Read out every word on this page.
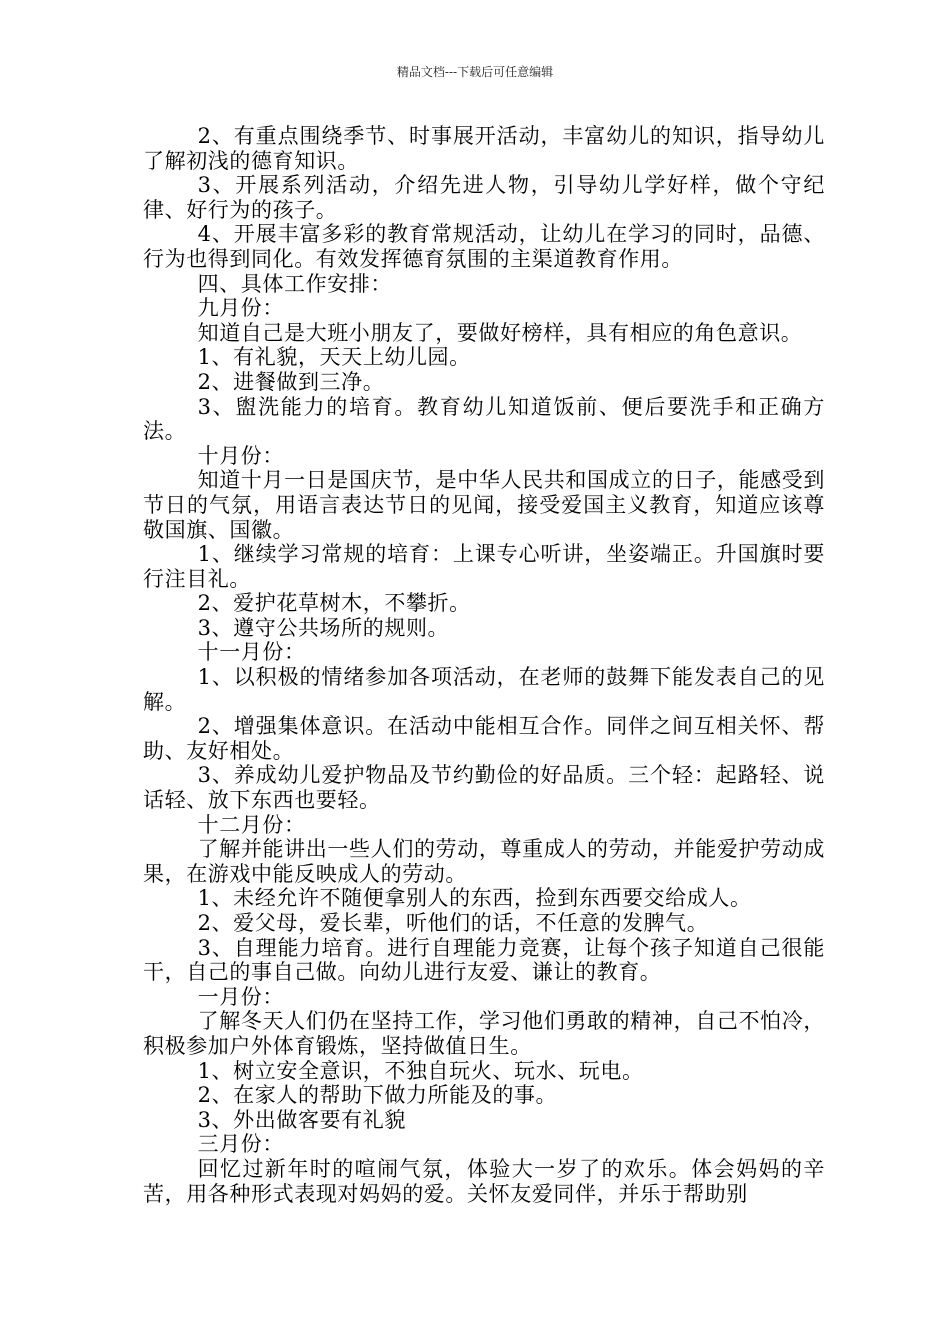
精品文档---下载后可任意编辑

2、有重点围绕季节、时事展开活动，丰富幼儿的知识，指导幼儿了解初浅的德育知识。

3、开展系列活动，介绍先进人物，引导幼儿学好样，做个守纪律、好行为的孩子。

4、开展丰富多彩的教育常规活动，让幼儿在学习的同时，品德、行为也得到同化。有效发挥德育氛围的主渠道教育作用。

四、具体工作安排：

九月份：

知道自己是大班小朋友了，要做好榜样，具有相应的角色意识。

1、有礼貌，天天上幼儿园。

2、进餐做到三净。

3、盥洗能力的培育。教育幼儿知道饭前、便后要洗手和正确方法。

十月份：

知道十月一日是国庆节，是中华人民共和国成立的日子，能感受到节日的气氛，用语言表达节日的见闻，接受爱国主义教育，知道应该尊敬国旗、国徽。

1、继续学习常规的培育：上课专心听讲，坐姿端正。升国旗时要行注目礼。

2、爱护花草树木，不攀折。

3、遵守公共场所的规则。

十一月份：

1、以积极的情绪参加各项活动，在老师的鼓舞下能发表自己的见解。

2、增强集体意识。在活动中能相互合作。同伴之间互相关怀、帮助、友好相处。

3、养成幼儿爱护物品及节约勤俭的好品质。三个轻：起路轻、说话轻、放下东西也要轻。

十二月份：

了解并能讲出一些人们的劳动，尊重成人的劳动，并能爱护劳动成果，在游戏中能反映成人的劳动。

1、未经允许不随便拿别人的东西，捡到东西要交给成人。

2、爱父母，爱长辈，听他们的话，不任意的发脾气。

3、自理能力培育。进行自理能力竞赛，让每个孩子知道自己很能干，自己的事自己做。向幼儿进行友爱、谦让的教育。

一月份：

了解冬天人们仍在坚持工作，学习他们勇敢的精神，自己不怕冷，积极参加户外体育锻炼，坚持做值日生。

1、树立安全意识，不独自玩火、玩水、玩电。

2、在家人的帮助下做力所能及的事。

3、外出做客要有礼貌

三月份：

回忆过新年时的喧闹气氛，体验大一岁了的欢乐。体会妈妈的辛苦，用各种形式表现对妈妈的爱。关怀友爱同伴，并乐于帮助别
